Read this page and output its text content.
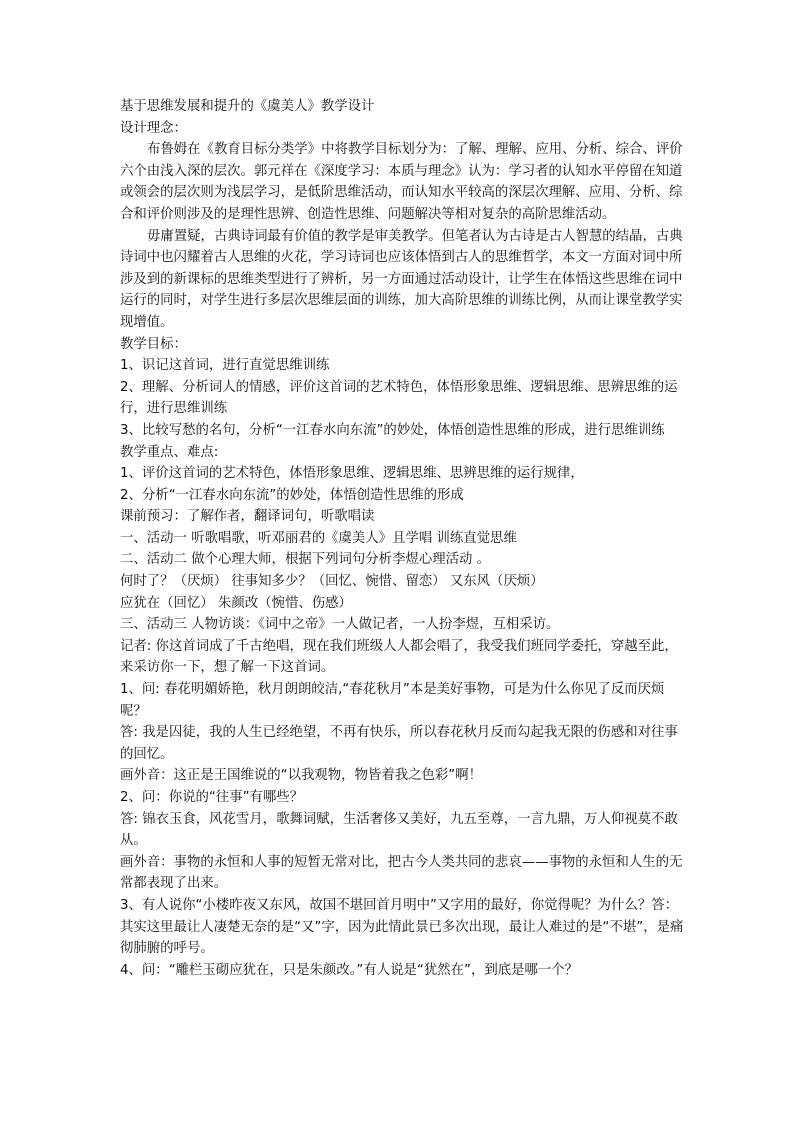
基于思维发展和提升的《虞美人》教学设计

设计理念：

布鲁姆在《教育目标分类学》中将教学目标划分为：了解、理解、应用、分析、综合、评价六个由浅入深的层次。郭元祥在《深度学习：本质与理念》认为：学习者的认知水平停留在知道或领会的层次则为浅层学习，是低阶思维活动，而认知水平较高的深层次理解、应用、分析、综合和评价则涉及的是理性思辨、创造性思维、问题解决等相对复杂的高阶思维活动。

毋庸置疑，古典诗词最有价值的教学是审美教学。但笔者认为古诗是古人智慧的结晶，古典诗词中也闪耀着古人思维的火花，学习诗词也应该体悟到古人的思维哲学，本文一方面对词中所涉及到的新课标的思维类型进行了辨析，另一方面通过活动设计，让学生在体悟这些思维在词中运行的同时，对学生进行多层次思维层面的训练，加大高阶思维的训练比例，从而让课堂教学实现增值。

教学目标：

1、识记这首词，进行直觉思维训练

2、理解、分析词人的情感，评价这首词的艺术特色，体悟形象思维、逻辑思维、思辨思维的运行，进行思维训练

3、比较写愁的名句，分析“一江春水向东流”的妙处，体悟创造性思维的形成，进行思维训练

教学重点、难点:

1、评价这首词的艺术特色，体悟形象思维、逻辑思维、思辨思维的运行规律，

2、分析“一江春水向东流”的妙处，体悟创造性思维的形成

课前预习：了解作者，翻译词句，听歌唱读

一、活动一 听歌唱歌，听邓丽君的《虞美人》且学唱 训练直觉思维

二、活动二 做个心理大师，根据下列词句分析李煜心理活动 。

何时了？（厌烦） 往事知多少？（回忆、惋惜、留恋） 又东风（厌烦）

应犹在（回忆） 朱颜改（惋惜、伤感）

三、活动三 人物访谈：《词中之帝》一人做记者，一人扮李煜，互相采访。

记者: 你这首词成了千古绝唱，现在我们班级人人都会唱了，我受我们班同学委托，穿越至此，来采访你一下，想了解一下这首词。

1、问: 春花明媚娇艳，秋月朗朗皎洁,“春花秋月”本是美好事物，可是为什么你见了反而厌烦呢？

答: 我是囚徒，我的人生已经绝望，不再有快乐，所以春花秋月反而勾起我无限的伤感和对往事的回忆。

画外音：这正是王国维说的“以我观物，物皆着我之色彩”啊！

2、问：你说的“往事”有哪些？

答: 锦衣玉食，风花雪月，歌舞词赋，生活奢侈又美好，九五至尊，一言九鼎，万人仰视莫不敢从。

画外音：事物的永恒和人事的短暂无常对比，把古今人类共同的悲哀——事物的永恒和人生的无常都表现了出来。

3、有人说你“小楼昨夜又东风，故国不堪回首月明中”又字用的最好，你觉得呢？为什么？答：其实这里最让人凄楚无奈的是“又”字，因为此情此景已多次出现，最让人难过的是“不堪”，是痛彻肺腑的呼号。

4、问：“雕栏玉砌应犹在，只是朱颜改。”有人说是“犹然在”，到底是哪一个？
